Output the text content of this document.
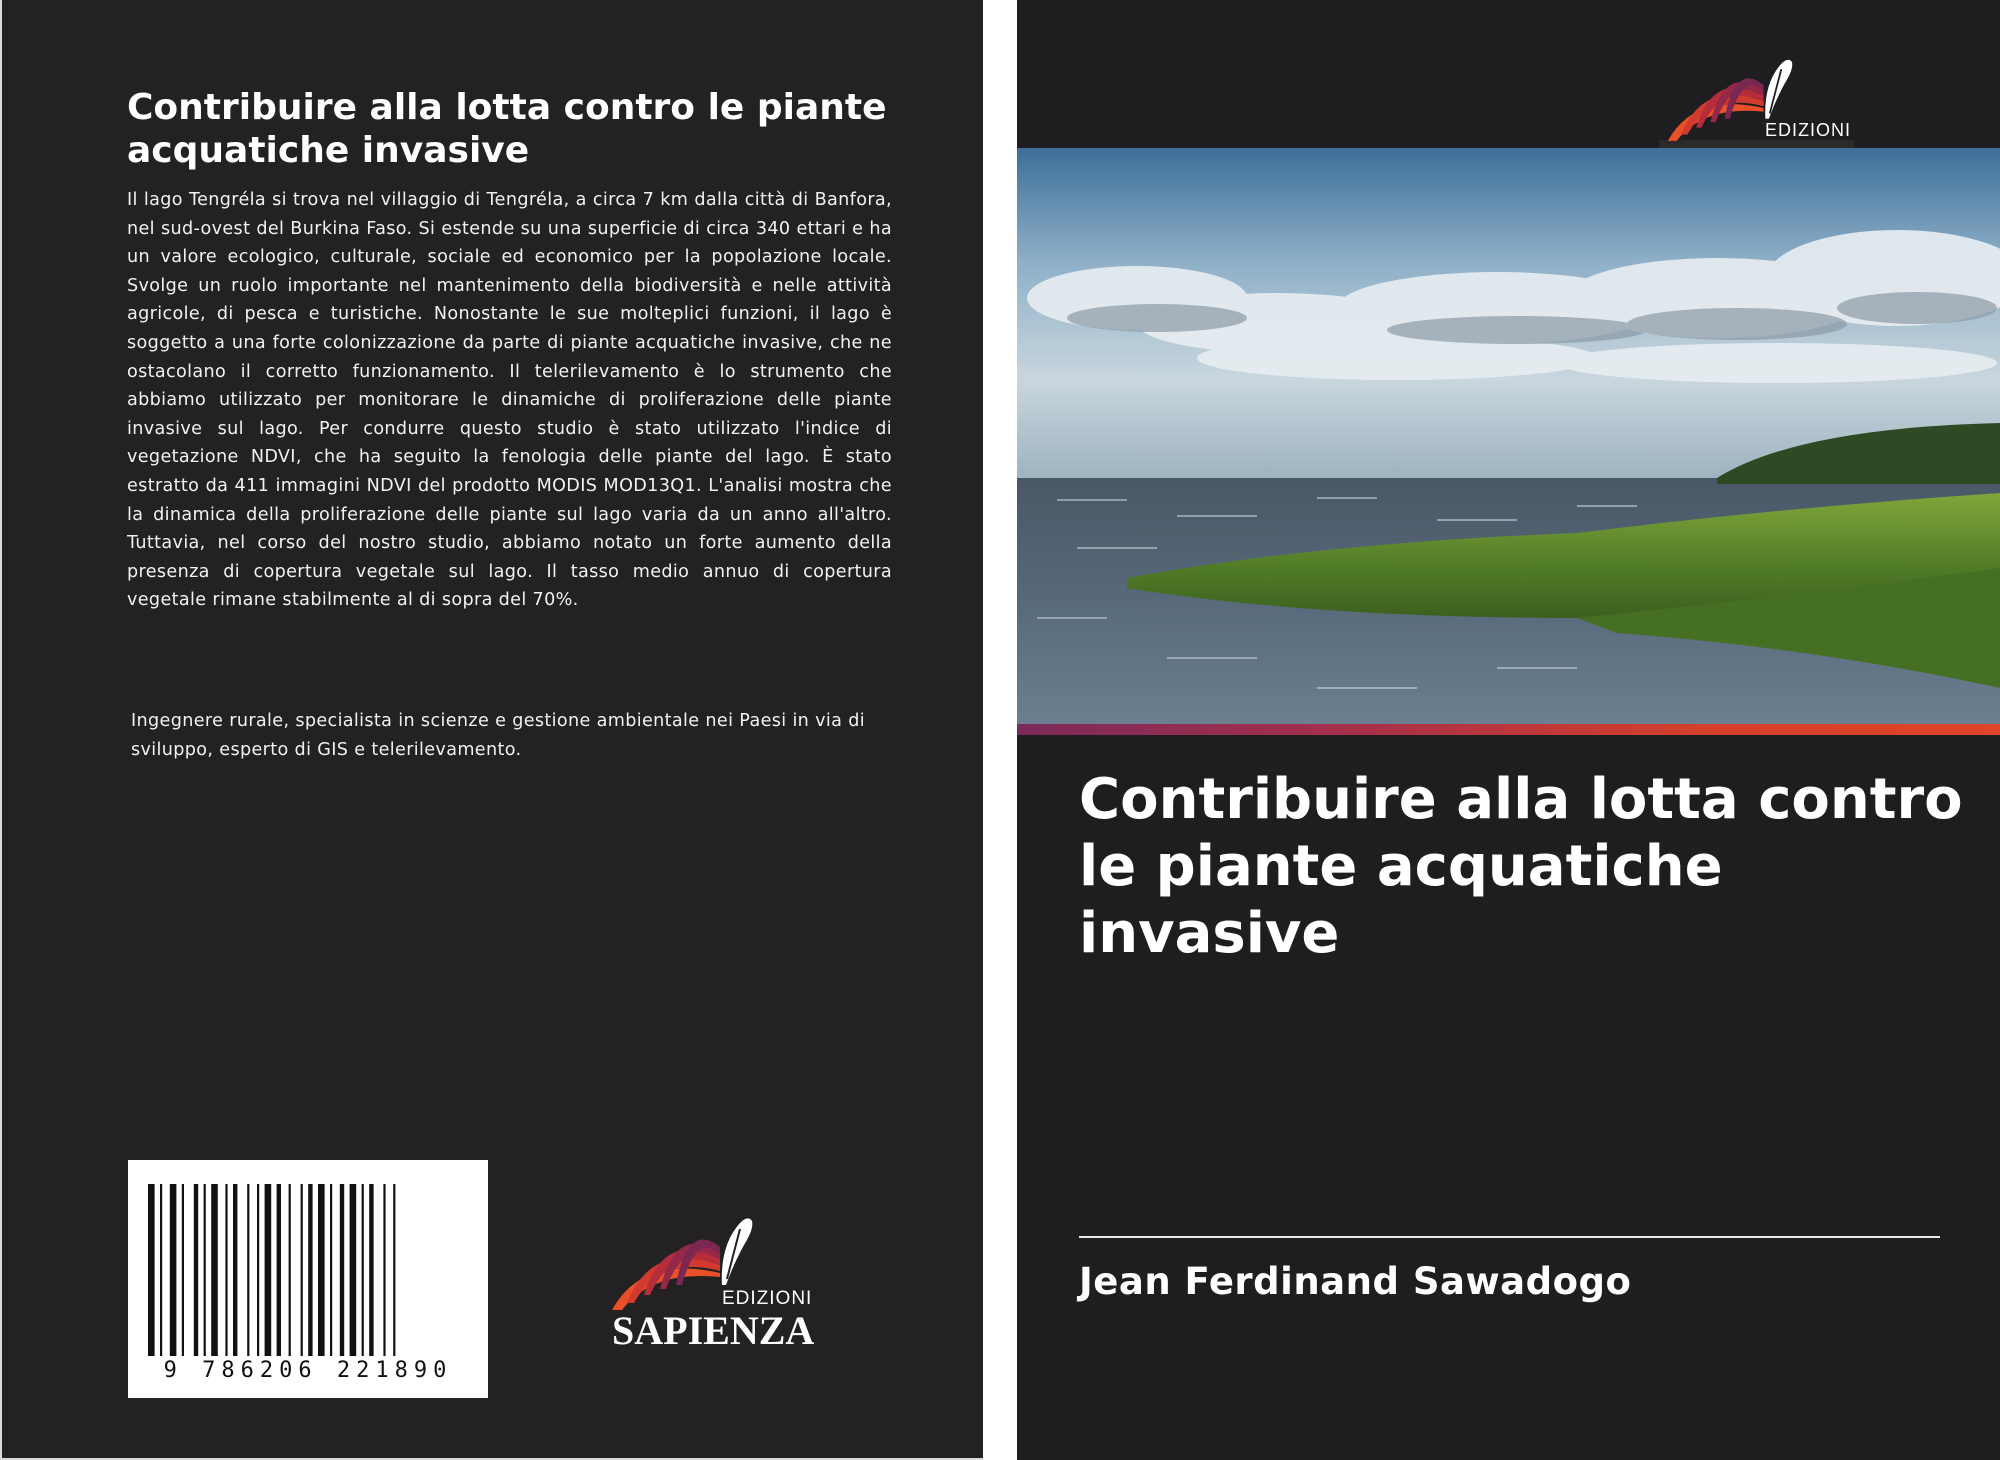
Contribuire alla lotta contro le piante acquatiche invasive

Il lago Tengréla si trova nel villaggio di Tengréla, a circa 7 km dalla città di Banfora, nel sud-ovest del Burkina Faso. Si estende su una superficie di circa 340 ettari e ha un valore ecologico, culturale, sociale ed economico per la popolazione locale. Svolge un ruolo importante nel mantenimento della biodiversità e nelle attività agricole, di pesca e turistiche. Nonostante le sue molteplici funzioni, il lago è soggetto a una forte colonizzazione da parte di piante acquatiche invasive, che ne ostacolano il corretto funzionamento. Il telerilevamento è lo strumento che abbiamo utilizzato per monitorare le dinamiche di proliferazione delle piante invasive sul lago. Per condurre questo studio è stato utilizzato l'indice di vegetazione NDVI, che ha seguito la fenologia delle piante del lago. È stato estratto da 411 immagini NDVI del prodotto MODIS MOD13Q1. L'analisi mostra che la dinamica della proliferazione delle piante sul lago varia da un anno all'altro. Tuttavia, nel corso del nostro studio, abbiamo notato un forte aumento della presenza di copertura vegetale sul lago. Il tasso medio annuo di copertura vegetale rimane stabilmente al di sopra del 70%.

Ingegnere rurale, specialista in scienze e gestione ambientale nei Paesi in via di sviluppo, esperto di GIS e telerilevamento.

9 786206 221890
EDIZIONI
SAPIENZA
EDIZIONI
Contribuire alla lotta contro le piante acquatiche invasive

Jean Ferdinand Sawadogo
